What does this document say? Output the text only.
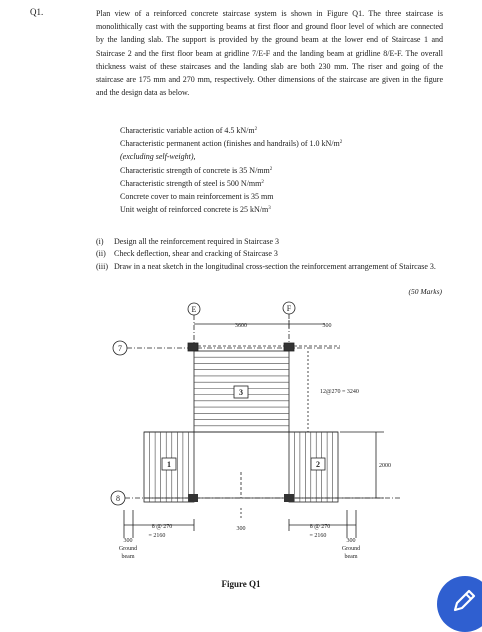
Q1.	Plan view of a reinforced concrete staircase system is shown in Figure Q1. The three staircase is monolithically cast with the supporting beams at first floor and ground floor level of which are connected by the landing slab. The support is provided by the ground beam at the lower end of Staircase 1 and Staircase 2 and the first floor beam at gridline 7/E-F and the landing beam at gridline 8/E-F. The overall thickness waist of these staircases and the landing slab are both 230 mm. The riser and going of the staircase are 175 mm and 270 mm, respectively. Other dimensions of the staircase are given in the figure and the design data as below.
Characteristic variable action of 4.5 $kN/m^2$
Characteristic permanent action (finishes and handrails) of 1.0 $kN/m^2$
(excluding self-weight),
Characteristic strength of concrete is 35 $N/mm^2$
Characteristic strength of steel is 500 $N/mm^2$
Concrete cover to main reinforcement is 35 mm
Unit weight of reinforced concrete is 25 $kN/m^3$
(i)	Design all the reinforcement required in Staircase 3
(ii)	Check deflection, shear and cracking of Staircase 3
(iii) Draw in a neat sketch in the longitudinal cross-section the reinforcement arrangement of Staircase 3.
(50 Marks)
E	F
7
8
3600	300
12@270 = 3240
2000
3
1	2
300
8 @ 270
= 2160
Ground
beam
300	8 @ 270
= 2160
300
Ground
beam
Figure Q1
